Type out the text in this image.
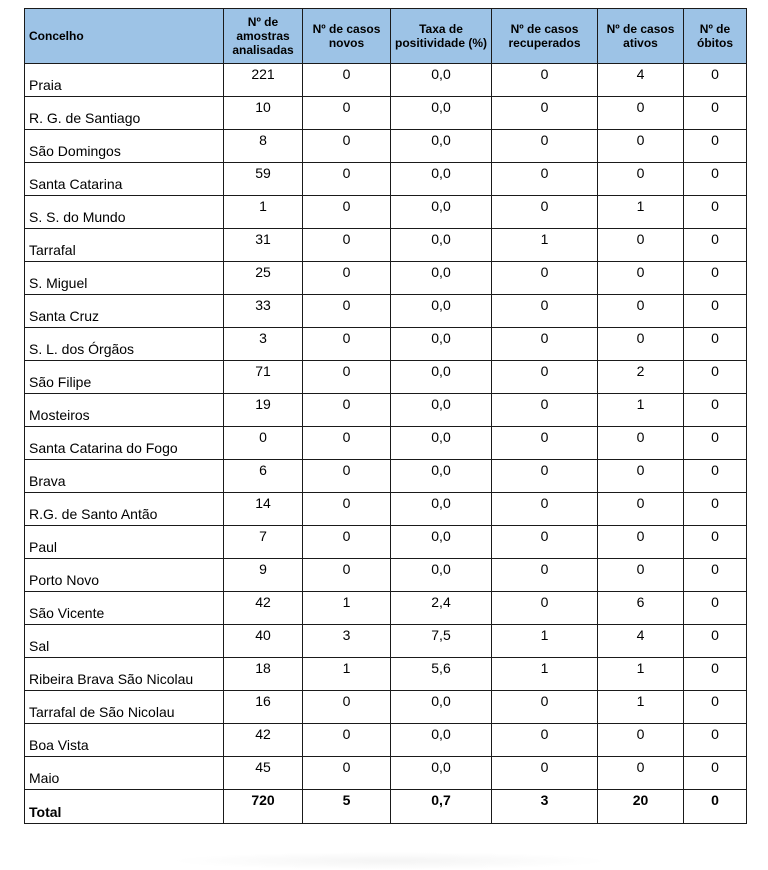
Concelho	Nº de amostras analisadas	Nº de casos novos	Taxa de positividade (%)	Nº de casos recuperados	Nº de casos ativos	Nº de óbitos
Praia	221	0	0,0	0	4	0
R. G. de Santiago	10	0	0,0	0	0	0
São Domingos	8	0	0,0	0	0	0
Santa Catarina	59	0	0,0	0	0	0
S. S. do Mundo	1	0	0,0	0	1	0
Tarrafal	31	0	0,0	1	0	0
S. Miguel	25	0	0,0	0	0	0
Santa Cruz	33	0	0,0	0	0	0
S. L. dos Órgãos	3	0	0,0	0	0	0
São Filipe	71	0	0,0	0	2	0
Mosteiros	19	0	0,0	0	1	0
Santa Catarina do Fogo	0	0	0,0	0	0	0
Brava	6	0	0,0	0	0	0
R.G. de Santo Antão	14	0	0,0	0	0	0
Paul	7	0	0,0	0	0	0
Porto Novo	9	0	0,0	0	0	0
São Vicente	42	1	2,4	0	6	0
Sal	40	3	7,5	1	4	0
Ribeira Brava São Nicolau	18	1	5,6	1	1	0
Tarrafal de São Nicolau	16	0	0,0	0	1	0
Boa Vista	42	0	0,0	0	0	0
Maio	45	0	0,0	0	0	0
Total	720	5	0,7	3	20	0
